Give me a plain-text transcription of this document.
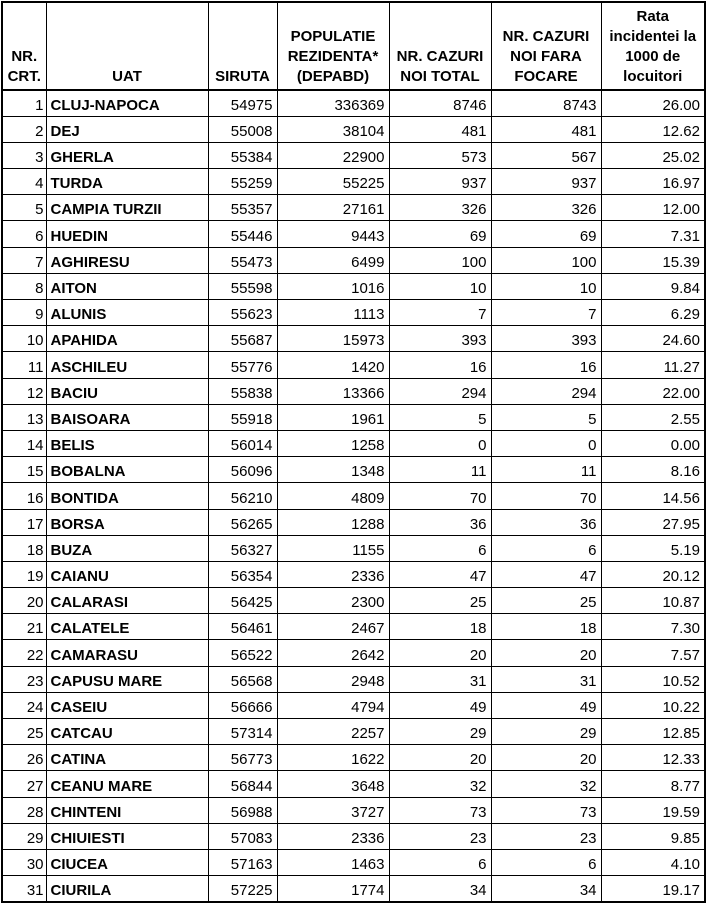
NR. CRT.	UAT	SIRUTA	POPULATIE REZIDENTA* (DEPABD)	NR. CAZURI NOI TOTAL	NR. CAZURI NOI FARA FOCARE	Rata incidentei la 1000 de locuitori
1	CLUJ-NAPOCA	54975	336369	8746	8743	26.00
2	DEJ	55008	38104	481	481	12.62
3	GHERLA	55384	22900	573	567	25.02
4	TURDA	55259	55225	937	937	16.97
5	CAMPIA TURZII	55357	27161	326	326	12.00
6	HUEDIN	55446	9443	69	69	7.31
7	AGHIRESU	55473	6499	100	100	15.39
8	AITON	55598	1016	10	10	9.84
9	ALUNIS	55623	1113	7	7	6.29
10	APAHIDA	55687	15973	393	393	24.60
11	ASCHILEU	55776	1420	16	16	11.27
12	BACIU	55838	13366	294	294	22.00
13	BAISOARA	55918	1961	5	5	2.55
14	BELIS	56014	1258	0	0	0.00
15	BOBALNA	56096	1348	11	11	8.16
16	BONTIDA	56210	4809	70	70	14.56
17	BORSA	56265	1288	36	36	27.95
18	BUZA	56327	1155	6	6	5.19
19	CAIANU	56354	2336	47	47	20.12
20	CALARASI	56425	2300	25	25	10.87
21	CALATELE	56461	2467	18	18	7.30
22	CAMARASU	56522	2642	20	20	7.57
23	CAPUSU MARE	56568	2948	31	31	10.52
24	CASEIU	56666	4794	49	49	10.22
25	CATCAU	57314	2257	29	29	12.85
26	CATINA	56773	1622	20	20	12.33
27	CEANU MARE	56844	3648	32	32	8.77
28	CHINTENI	56988	3727	73	73	19.59
29	CHIUIESTI	57083	2336	23	23	9.85
30	CIUCEA	57163	1463	6	6	4.10
31	CIURILA	57225	1774	34	34	19.17
